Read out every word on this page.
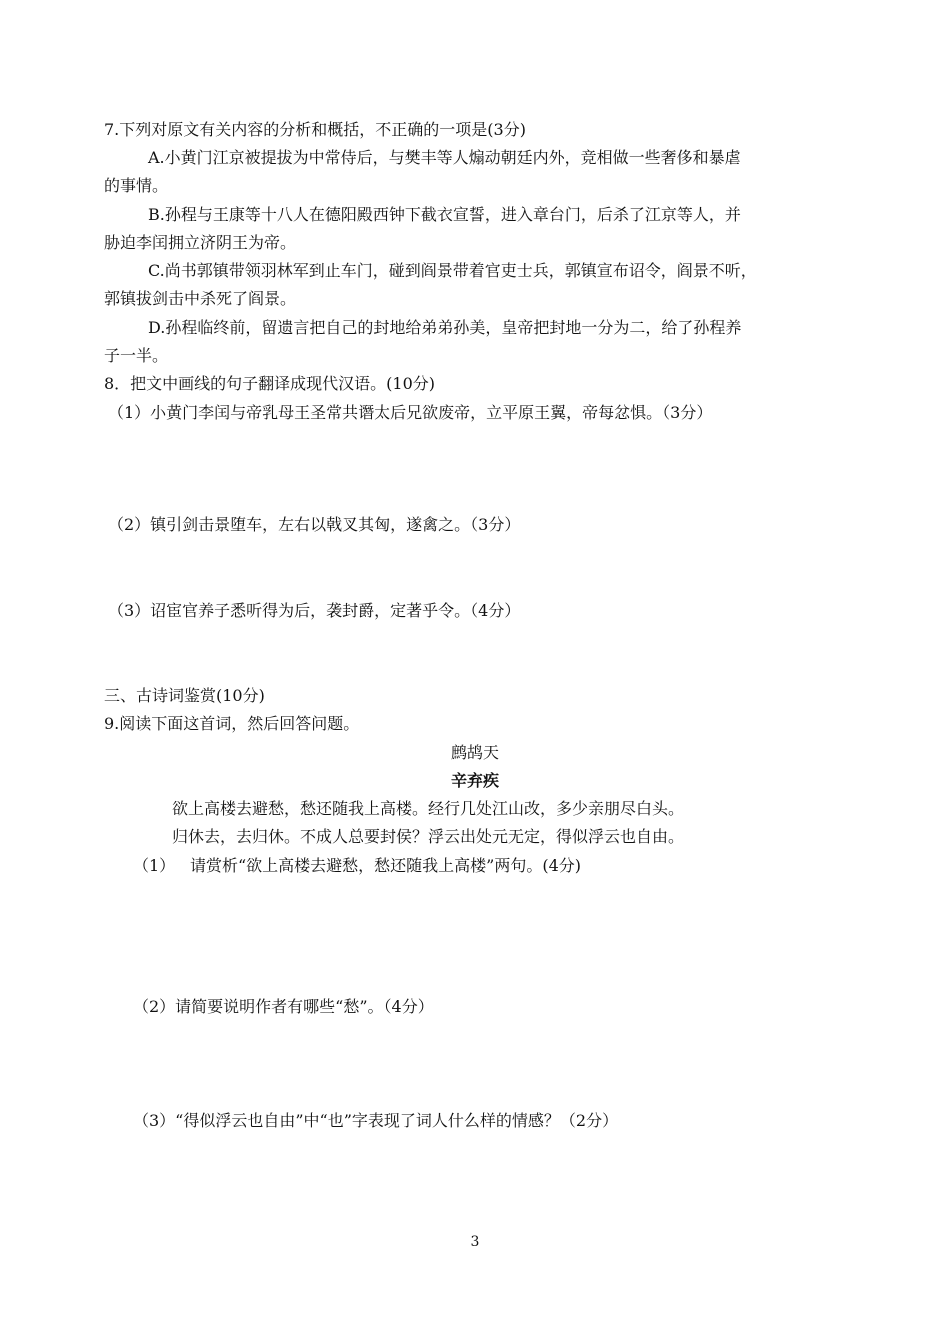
7.下列对原文有关内容的分析和概括，不正确的一项是(3分)
A.小黄门江京被提拔为中常侍后，与樊丰等人煽动朝廷内外，竞相做一些奢侈和暴虐
的事情。
B.孙程与王康等十八人在德阳殿西钟下截衣宣誓，进入章台门，后杀了江京等人，并
胁迫李闰拥立济阴王为帝。
C.尚书郭镇带领羽林军到止车门，碰到阎景带着官吏士兵，郭镇宣布诏令，阎景不听，
郭镇拔剑击中杀死了阎景。
D.孙程临终前，留遗言把自己的封地给弟弟孙美，皇帝把封地一分为二，给了孙程养
子一半。
8．把文中画线的句子翻译成现代汉语。(10分)
（1）小黄门李闰与帝乳母王圣常共谮太后兄欲废帝，立平原王翼，帝每忿惧。（3分）
（2）镇引剑击景堕车，左右以戟叉其匈，遂禽之。（3分）
（3）诏宦官养子悉听得为后，袭封爵，定著乎令。（4分）
三、古诗词鉴赏(10分)
9.阅读下面这首词，然后回答问题。
鹧鸪天
辛弃疾
欲上高楼去避愁，愁还随我上高楼。经行几处江山改，多少亲朋尽白头。
归休去，去归休。不成人总要封侯？浮云出处元无定，得似浮云也自由。
（1） 请赏析“欲上高楼去避愁，愁还随我上高楼”两句。(4分)
（2）请简要说明作者有哪些“愁”。（4分）
（3）“得似浮云也自由”中“也”字表现了词人什么样的情感？（2分）
3
